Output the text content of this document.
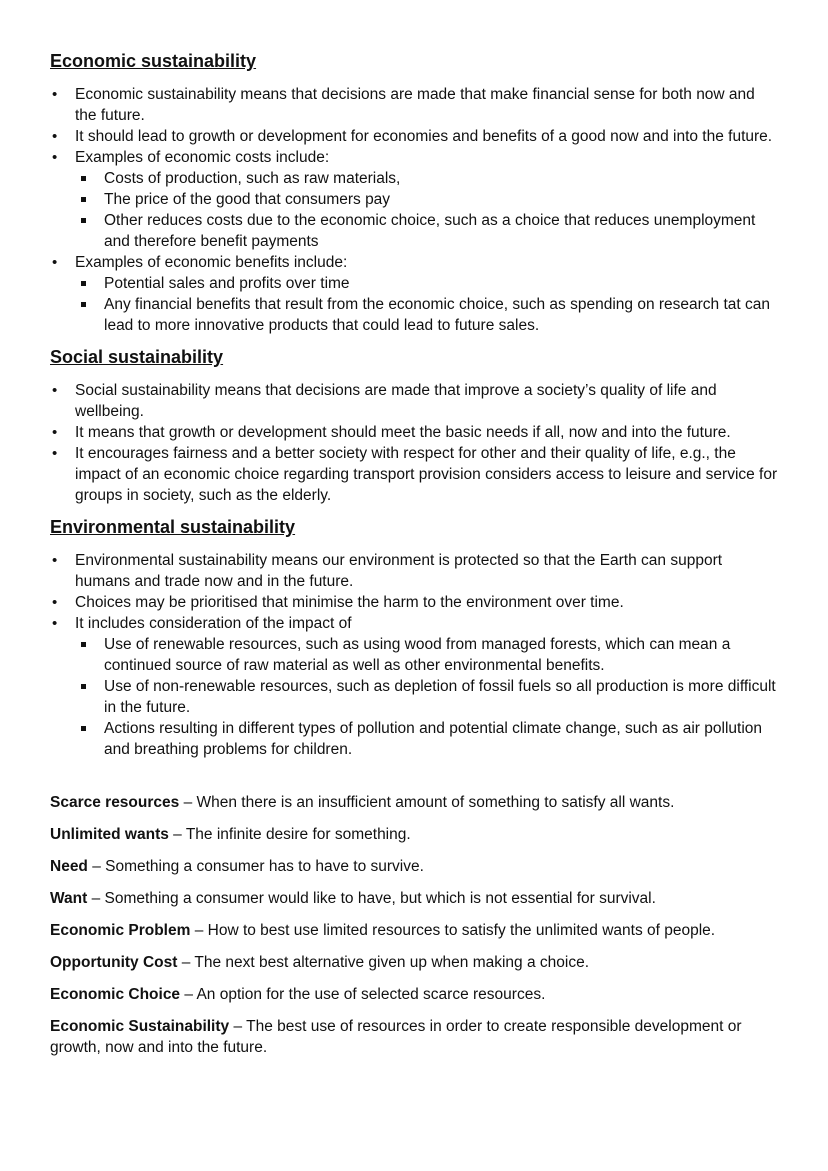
Economic sustainability
• Economic sustainability means that decisions are made that make financial sense for both now and the future.
• It should lead to growth or development for economies and benefits of a good now and into the future.
• Examples of economic costs include:
Costs of production, such as raw materials,
The price of the good that consumers pay
Other reduces costs due to the economic choice, such as a choice that reduces unemployment and therefore benefit payments
• Examples of economic benefits include:
Potential sales and profits over time
Any financial benefits that result from the economic choice, such as spending on research tat can lead to more innovative products that could lead to future sales.
Social sustainability
• Social sustainability means that decisions are made that improve a society’s quality of life and wellbeing.
• It means that growth or development should meet the basic needs if all, now and into the future.
• It encourages fairness and a better society with respect for other and their quality of life, e.g., the impact of an economic choice regarding transport provision considers access to leisure and service for groups in society, such as the elderly.
Environmental sustainability
• Environmental sustainability means our environment is protected so that the Earth can support humans and trade now and in the future.
• Choices may be prioritised that minimise the harm to the environment over time.
• It includes consideration of the impact of
Use of renewable resources, such as using wood from managed forests, which can mean a continued source of raw material as well as other environmental benefits.
Use of non-renewable resources, such as depletion of fossil fuels so all production is more difficult in the future.
Actions resulting in different types of pollution and potential climate change, such as air pollution and breathing problems for children.

Scarce resources – When there is an insufficient amount of something to satisfy all wants.

Unlimited wants – The infinite desire for something.

Need – Something a consumer has to have to survive.

Want – Something a consumer would like to have, but which is not essential for survival.

Economic Problem – How to best use limited resources to satisfy the unlimited wants of people.

Opportunity Cost – The next best alternative given up when making a choice.

Economic Choice – An option for the use of selected scarce resources.

Economic Sustainability – The best use of resources in order to create responsible development or growth, now and into the future.
